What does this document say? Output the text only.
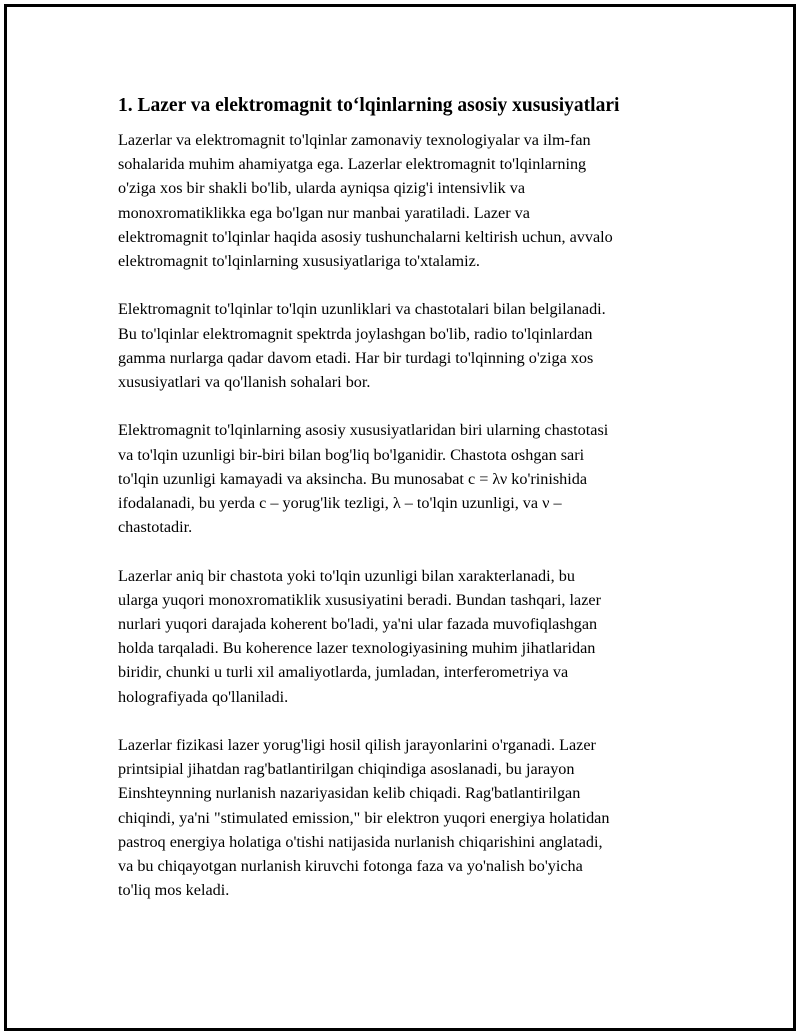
1. Lazer va elektromagnit to‘lqinlarning asosiy xususiyatlari
Lazerlar va elektromagnit to'lqinlar zamonaviy texnologiyalar va ilm-fan
sohalarida muhim ahamiyatga ega. Lazerlar elektromagnit to'lqinlarning
o'ziga xos bir shakli bo'lib, ularda ayniqsa qizig'i intensivlik va
monoxromatiklikka ega bo'lgan nur manbai yaratiladi. Lazer va
elektromagnit to'lqinlar haqida asosiy tushunchalarni keltirish uchun, avvalo
elektromagnit to'lqinlarning xususiyatlariga to'xtalamiz.
Elektromagnit to'lqinlar to'lqin uzunliklari va chastotalari bilan belgilanadi.
Bu to'lqinlar elektromagnit spektrda joylashgan bo'lib, radio to'lqinlardan
gamma nurlarga qadar davom etadi. Har bir turdagi to'lqinning o'ziga xos
xususiyatlari va qo'llanish sohalari bor.
Elektromagnit to'lqinlarning asosiy xususiyatlaridan biri ularning chastotasi
va to'lqin uzunligi bir-biri bilan bog'liq bo'lganidir. Chastota oshgan sari
to'lqin uzunligi kamayadi va aksincha. Bu munosabat c = λν ko'rinishida
ifodalanadi, bu yerda c – yorug'lik tezligi, λ – to'lqin uzunligi, va ν –
chastotadir.
Lazerlar aniq bir chastota yoki to'lqin uzunligi bilan xarakterlanadi, bu
ularga yuqori monoxromatiklik xususiyatini beradi. Bundan tashqari, lazer
nurlari yuqori darajada koherent bo'ladi, ya'ni ular fazada muvofiqlashgan
holda tarqaladi. Bu koherence lazer texnologiyasining muhim jihatlaridan
biridir, chunki u turli xil amaliyotlarda, jumladan, interferometriya va
holografiyada qo'llaniladi.
Lazerlar fizikasi lazer yorug'ligi hosil qilish jarayonlarini o'rganadi. Lazer
printsipial jihatdan rag'batlantirilgan chiqindiga asoslanadi, bu jarayon
Einshteynning nurlanish nazariyasidan kelib chiqadi. Rag'batlantirilgan
chiqindi, ya'ni "stimulated emission," bir elektron yuqori energiya holatidan
pastroq energiya holatiga o'tishi natijasida nurlanish chiqarishini anglatadi,
va bu chiqayotgan nurlanish kiruvchi fotonga faza va yo'nalish bo'yicha
to'liq mos keladi.
